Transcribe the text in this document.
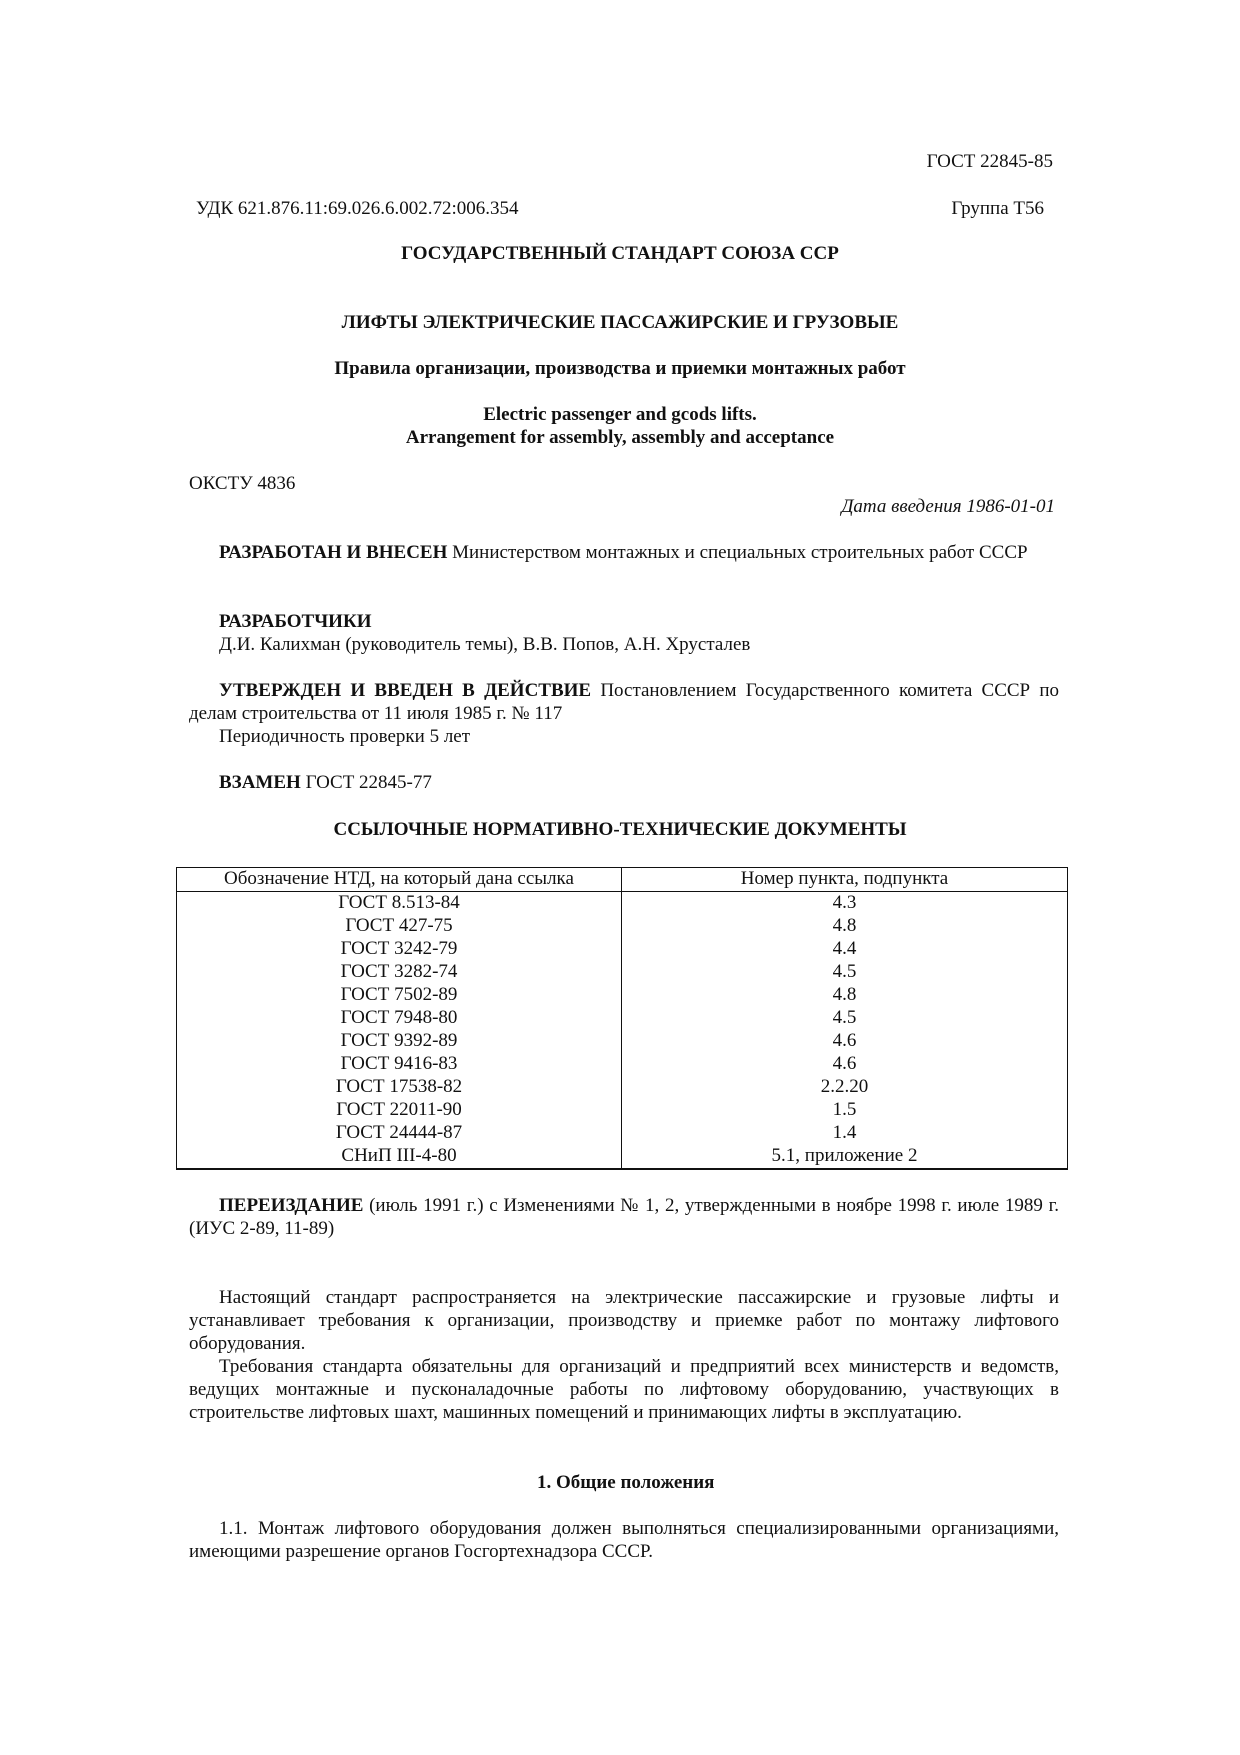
ГОСТ 22845-85
УДК 621.876.11:69.026.6.002.72:006.354	Группа Т56
ГОСУДАРСТВЕННЫЙ СТАНДАРТ СОЮЗА ССР
ЛИФТЫ ЭЛЕКТРИЧЕСКИЕ ПАССАЖИРСКИЕ И ГРУЗОВЫЕ
Правила организации, производства и приемки монтажных работ
Electric passenger and gcods lifts.
Arrangement for assembly, assembly and acceptance
ОКСТУ 4836
Дата введения 1986-01-01
РАЗРАБОТАН И ВНЕСЕН Министерством монтажных и специальных строительных работ СССР
РАЗРАБОТЧИКИ
Д.И. Калихман (руководитель темы), В.В. Попов, А.Н. Хрусталев
УТВЕРЖДЕН И ВВЕДЕН В ДЕЙСТВИЕ Постановлением Государственного комитета СССР по делам строительства от 11 июля 1985 г. № 117
Периодичность проверки 5 лет
ВЗАМЕН ГОСТ 22845-77
ССЫЛОЧНЫЕ НОРМАТИВНО-ТЕХНИЧЕСКИЕ ДОКУМЕНТЫ
Обозначение НТД, на который дана ссылка	Номер пункта, подпункта
ГОСТ 8.513-84	4.3
ГОСТ 427-75	4.8
ГОСТ 3242-79	4.4
ГОСТ 3282-74	4.5
ГОСТ 7502-89	4.8
ГОСТ 7948-80	4.5
ГОСТ 9392-89	4.6
ГОСТ 9416-83	4.6
ГОСТ 17538-82	2.2.20
ГОСТ 22011-90	1.5
ГОСТ 24444-87	1.4
СНиП III-4-80	5.1, приложение 2
ПЕРЕИЗДАНИЕ (июль 1991 г.) с Изменениями № 1, 2, утвержденными в ноябре 1998 г. июле 1989 г. (ИУС 2-89, 11-89)
Настоящий стандарт распространяется на электрические пассажирские и грузовые лифты и устанавливает требования к организации, производству и приемке работ по монтажу лифтового оборудования.
Требования стандарта обязательны для организаций и предприятий всех министерств и ведомств, ведущих монтажные и пусконаладочные работы по лифтовому оборудованию, участвующих в строительстве лифтовых шахт, машинных помещений и принимающих лифты в эксплуатацию.
1. Общие положения
1.1. Монтаж лифтового оборудования должен выполняться специализированными организациями, имеющими разрешение органов Госгортехнадзора СССР.
